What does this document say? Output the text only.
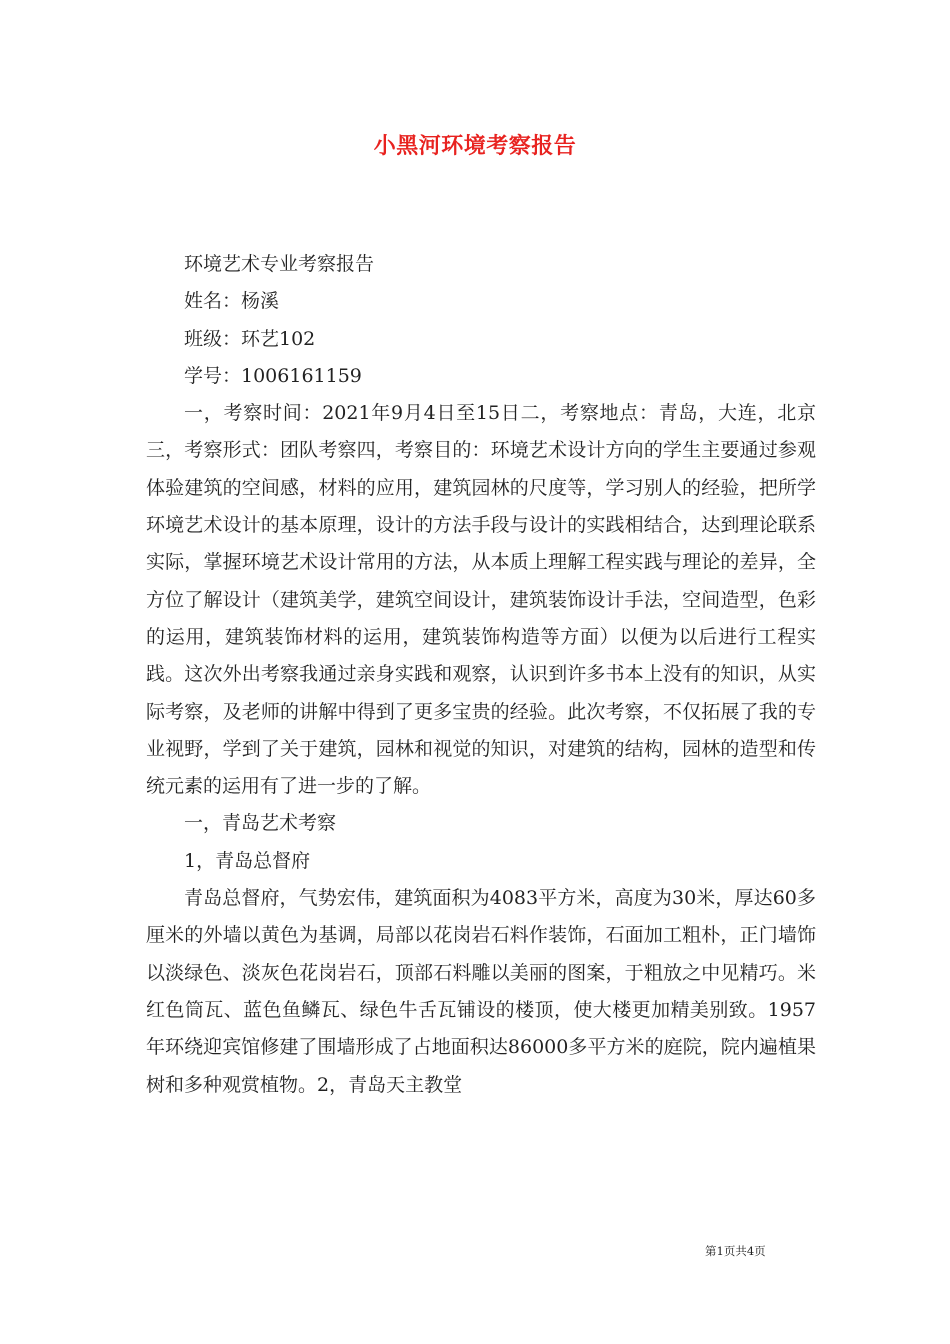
小黑河环境考察报告

环境艺术专业考察报告

姓名：杨溪

班级：环艺102

学号：1006161159

一，考察时间：2021年9月4日至15日二，考察地点：青岛，大连，北京三，考察形式：团队考察四，考察目的：环境艺术设计方向的学生主要通过参观体验建筑的空间感，材料的应用，建筑园林的尺度等，学习别人的经验，把所学环境艺术设计的基本原理，设计的方法手段与设计的实践相结合，达到理论联系实际，掌握环境艺术设计常用的方法，从本质上理解工程实践与理论的差异，全方位了解设计（建筑美学，建筑空间设计，建筑装饰设计手法，空间造型，色彩的运用，建筑装饰材料的运用，建筑装饰构造等方面）以便为以后进行工程实践。这次外出考察我通过亲身实践和观察，认识到许多书本上没有的知识，从实际考察，及老师的讲解中得到了更多宝贵的经验。此次考察，不仅拓展了我的专业视野，学到了关于建筑，园林和视觉的知识，对建筑的结构，园林的造型和传统元素的运用有了进一步的了解。

一，青岛艺术考察

1，青岛总督府

青岛总督府，气势宏伟，建筑面积为4083平方米，高度为30米，厚达60多厘米的外墙以黄色为基调，局部以花岗岩石料作装饰，石面加工粗朴，正门墙饰以淡绿色、淡灰色花岗岩石，顶部石料雕以美丽的图案，于粗放之中见精巧。米红色筒瓦、蓝色鱼鳞瓦、绿色牛舌瓦铺设的楼顶，使大楼更加精美别致。1957年环绕迎宾馆修建了围墙形成了占地面积达86000多平方米的庭院，院内遍植果树和多种观赏植物。2，青岛天主教堂

第1页共4页
